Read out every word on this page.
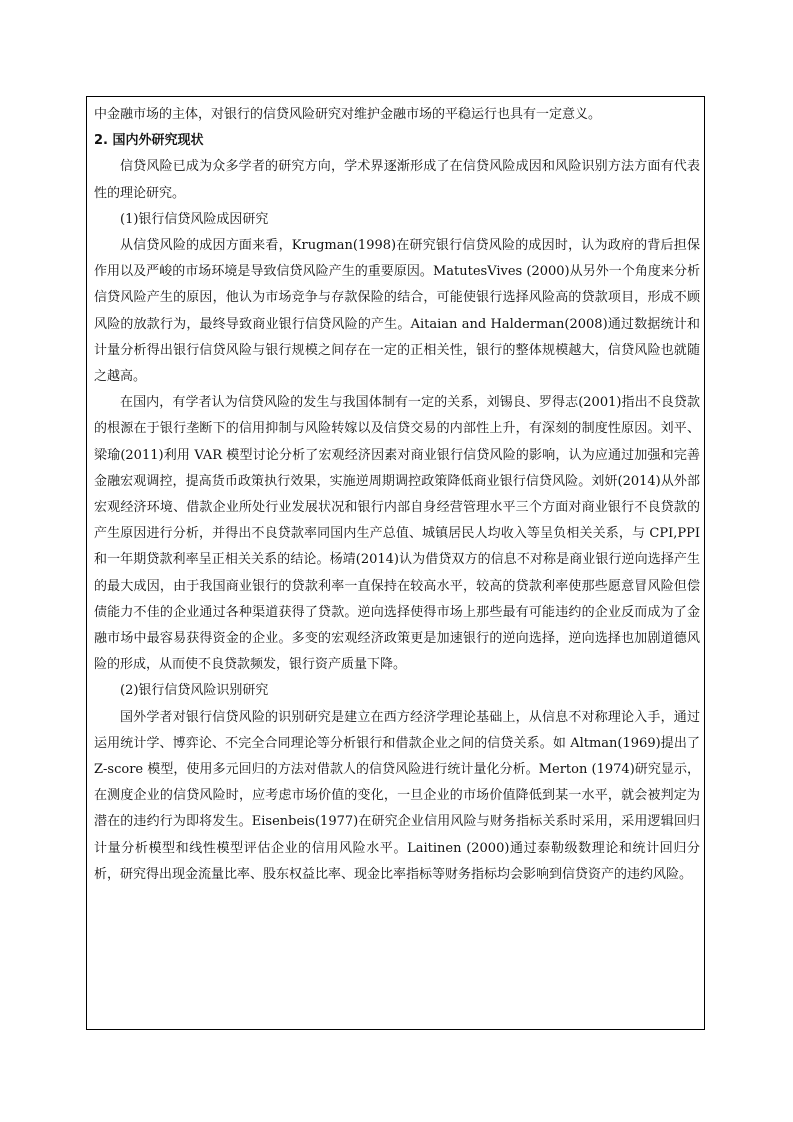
中金融市场的主体，对银行的信贷风险研究对维护金融市场的平稳运行也具有一定意义。

2. 国内外研究现状

信贷风险已成为众多学者的研究方向，学术界逐渐形成了在信贷风险成因和风险识别方法方面有代表性的理论研究。

(1)银行信贷风险成因研究

从信贷风险的成因方面来看，Krugman(1998)在研究银行信贷风险的成因时，认为政府的背后担保作用以及严峻的市场环境是导致信贷风险产生的重要原因。MatutesVives (2000)从另外一个角度来分析信贷风险产生的原因，他认为市场竞争与存款保险的结合，可能使银行选择风险高的贷款项目，形成不顾风险的放款行为，最终导致商业银行信贷风险的产生。Aitaian and Halderman(2008)通过数据统计和计量分析得出银行信贷风险与银行规模之间存在一定的正相关性，银行的整体规模越大，信贷风险也就随之越高。

在国内，有学者认为信贷风险的发生与我国体制有一定的关系，刘锡良、罗得志(2001)指出不良贷款的根源在于银行垄断下的信用抑制与风险转嫁以及信贷交易的内部性上升，有深刻的制度性原因。刘平、梁瑜(2011)利用 VAR 模型讨论分析了宏观经济因素对商业银行信贷风险的影响，认为应通过加强和完善金融宏观调控，提高货币政策执行效果，实施逆周期调控政策降低商业银行信贷风险。刘妍(2014)从外部宏观经济环境、借款企业所处行业发展状况和银行内部自身经营管理水平三个方面对商业银行不良贷款的产生原因进行分析，并得出不良贷款率同国内生产总值、城镇居民人均收入等呈负相关关系，与 CPI,PPI 和一年期贷款利率呈正相关关系的结论。杨靖(2014)认为借贷双方的信息不对称是商业银行逆向选择产生的最大成因，由于我国商业银行的贷款利率一直保持在较高水平，较高的贷款利率使那些愿意冒风险但偿债能力不佳的企业通过各种渠道获得了贷款。逆向选择使得市场上那些最有可能违约的企业反而成为了金融市场中最容易获得资金的企业。多变的宏观经济政策更是加速银行的逆向选择，逆向选择也加剧道德风险的形成，从而使不良贷款频发，银行资产质量下降。

(2)银行信贷风险识别研究

国外学者对银行信贷风险的识别研究是建立在西方经济学理论基础上，从信息不对称理论入手，通过运用统计学、博弈论、不完全合同理论等分析银行和借款企业之间的信贷关系。如 Altman(1969)提出了 Z-score 模型，使用多元回归的方法对借款人的信贷风险进行统计量化分析。Merton (1974)研究显示，在测度企业的信贷风险时，应考虑市场价值的变化，一旦企业的市场价值降低到某一水平，就会被判定为潜在的违约行为即将发生。Eisenbeis(1977)在研究企业信用风险与财务指标关系时采用，采用逻辑回归计量分析模型和线性模型评估企业的信用风险水平。Laitinen (2000)通过泰勒级数理论和统计回归分析，研究得出现金流量比率、股东权益比率、现金比率指标等财务指标均会影响到信贷资产的违约风险。
